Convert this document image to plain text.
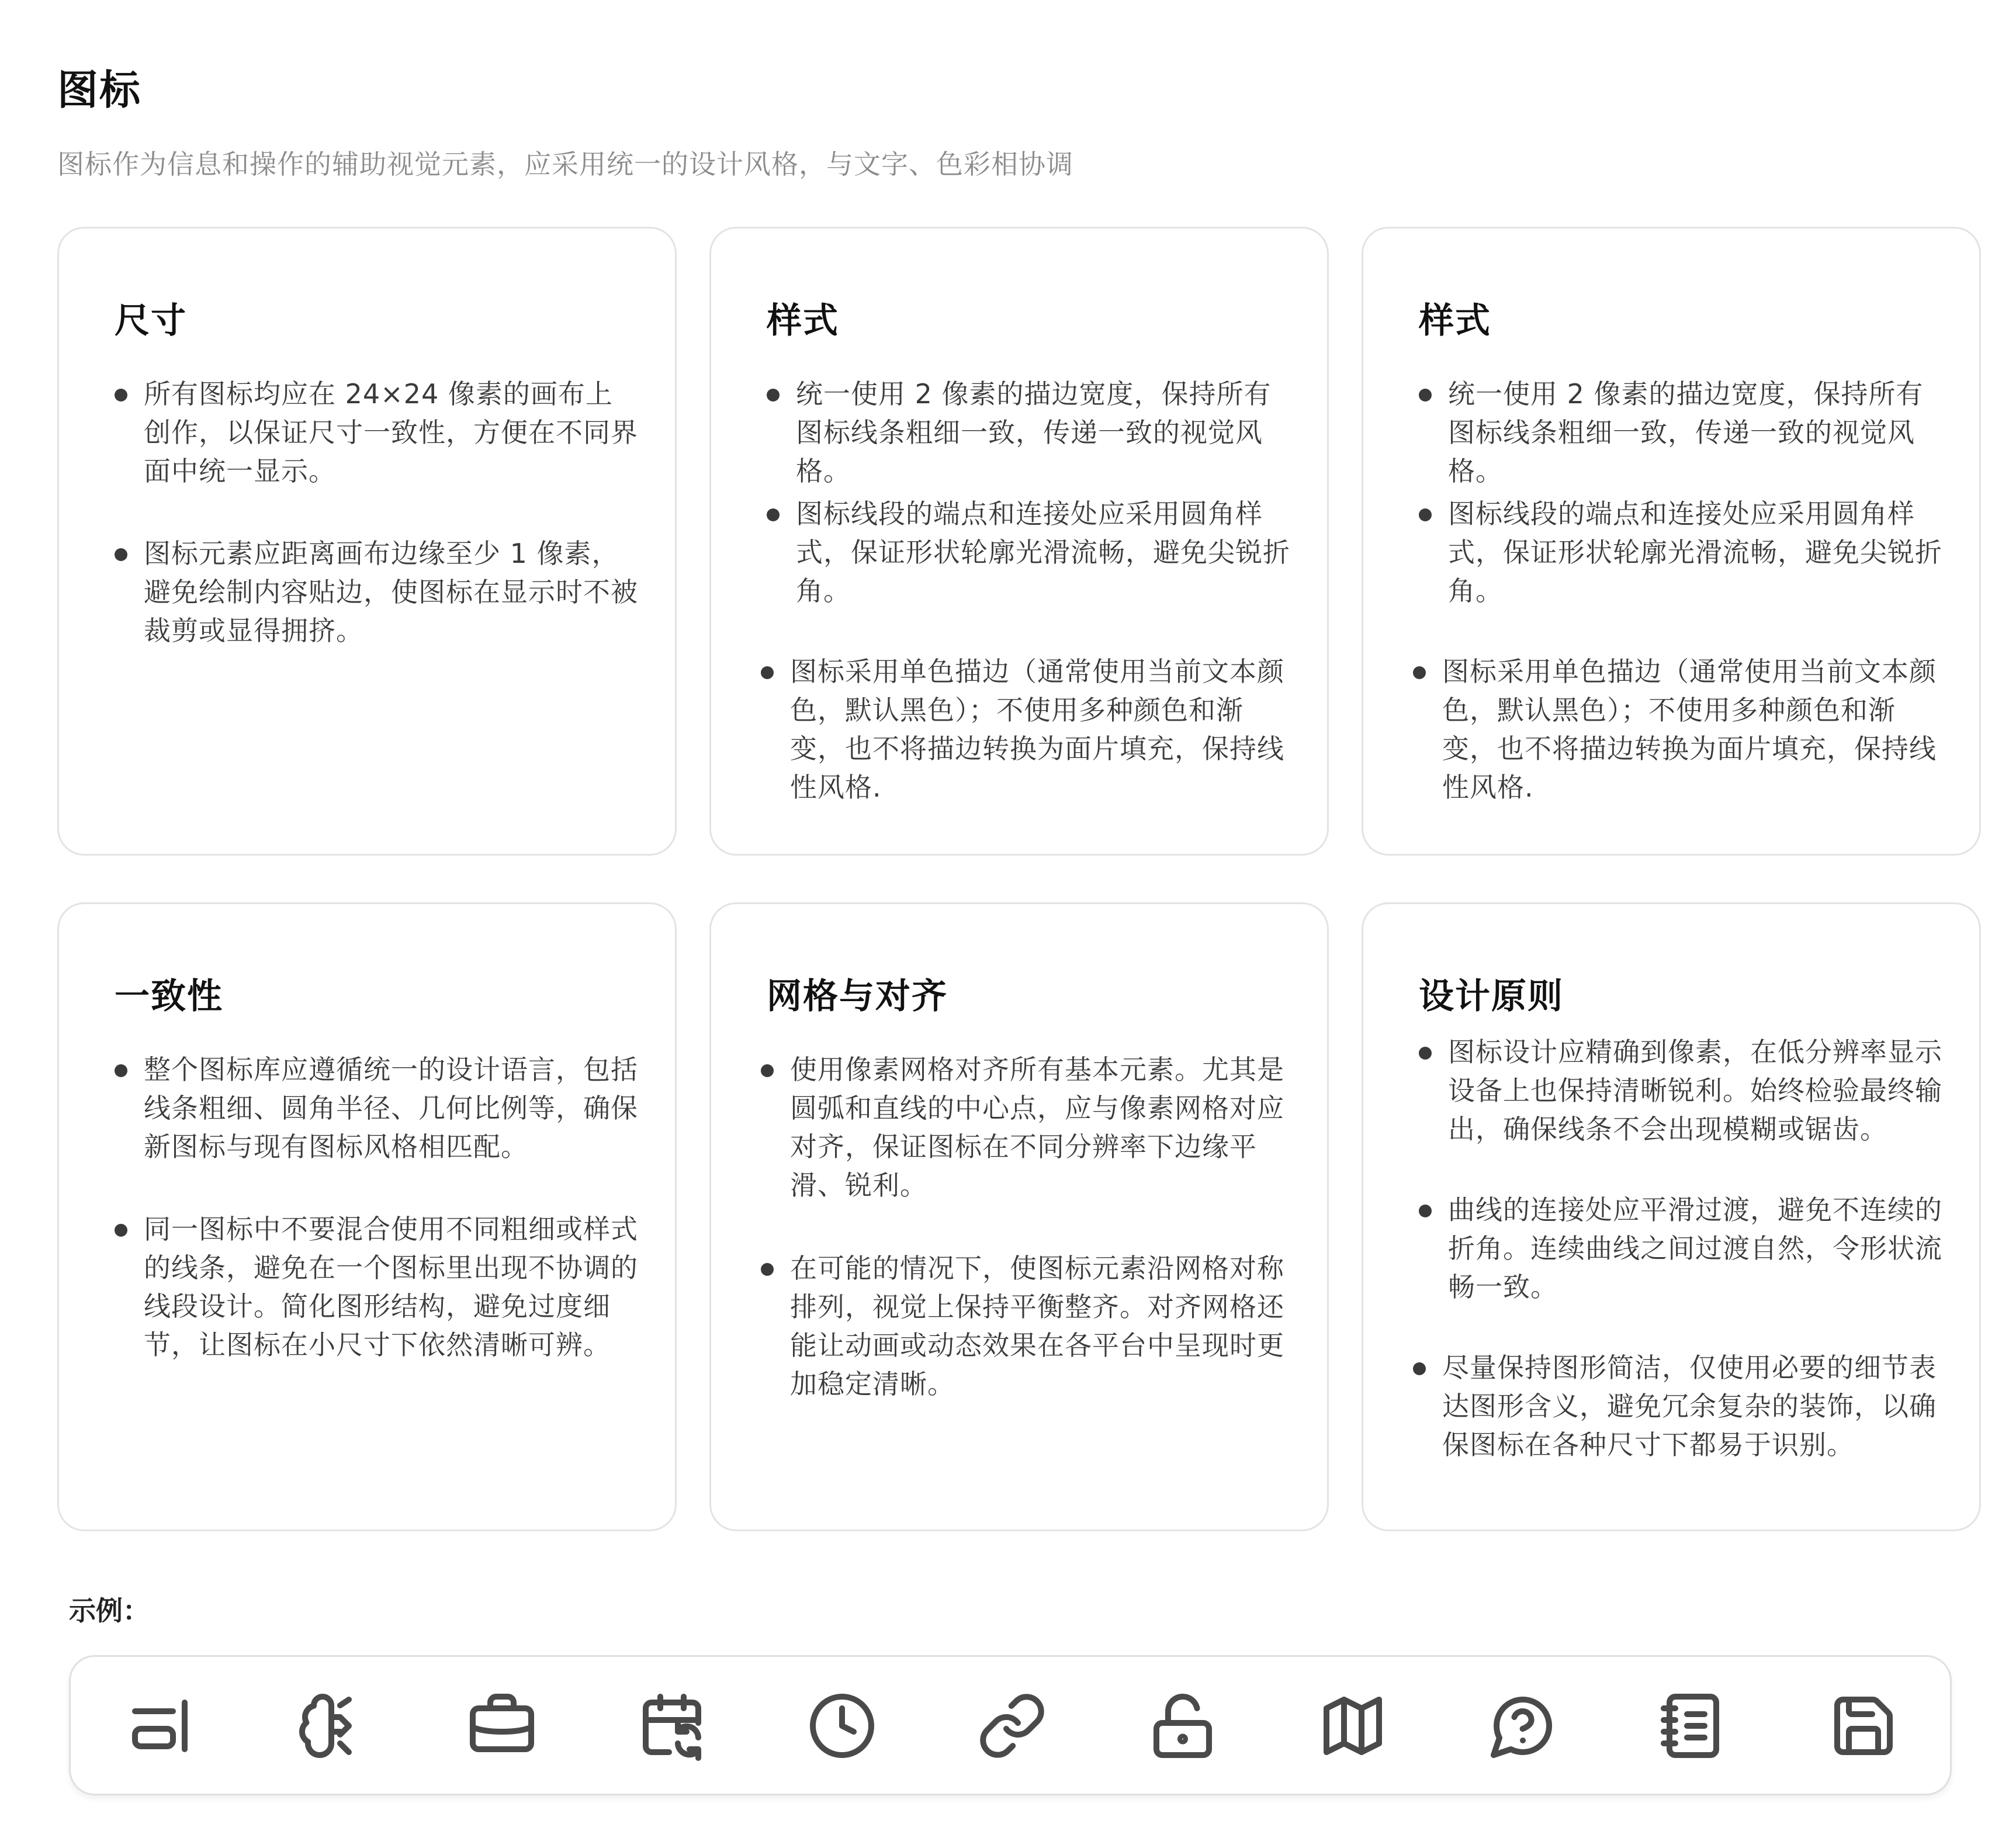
图标
图标作为信息和操作的辅助视觉元素，应采用统一的设计风格，与文字、色彩相协调
尺寸
所有图标均应在 24×24 像素的画布上创作，以保证尺寸一致性，方便在不同界面中统一显示。
图标元素应距离画布边缘至少 1 像素，避免绘制内容贴边，使图标在显示时不被裁剪或显得拥挤。
样式
统一使用 2 像素的描边宽度，保持所有图标线条粗细一致，传递一致的视觉风格。
图标线段的端点和连接处应采用圆角样式，保证形状轮廓光滑流畅，避免尖锐折角。
图标采用单色描边（通常使用当前文本颜色，默认黑色）；不使用多种颜色和渐变，也不将描边转换为面片填充，保持线性风格.
样式
统一使用 2 像素的描边宽度，保持所有图标线条粗细一致，传递一致的视觉风格。
图标线段的端点和连接处应采用圆角样式，保证形状轮廓光滑流畅，避免尖锐折角。
图标采用单色描边（通常使用当前文本颜色，默认黑色）；不使用多种颜色和渐变，也不将描边转换为面片填充，保持线性风格.
一致性
整个图标库应遵循统一的设计语言，包括线条粗细、圆角半径、几何比例等，确保新图标与现有图标风格相匹配。
同一图标中不要混合使用不同粗细或样式的线条，避免在一个图标里出现不协调的线段设计。简化图形结构，避免过度细节，让图标在小尺寸下依然清晰可辨。
网格与对齐
使用像素网格对齐所有基本元素。尤其是圆弧和直线的中心点，应与像素网格对应对齐，保证图标在不同分辨率下边缘平滑、锐利。
在可能的情况下，使图标元素沿网格对称排列，视觉上保持平衡整齐。对齐网格还能让动画或动态效果在各平台中呈现时更加稳定清晰。
设计原则
图标设计应精确到像素，在低分辨率显示设备上也保持清晰锐利。始终检验最终输出，确保线条不会出现模糊或锯齿。
曲线的连接处应平滑过渡，避免不连续的折角。连续曲线之间过渡自然，令形状流畅一致。
尽量保持图形简洁，仅使用必要的细节表达图形含义，避免冗余复杂的装饰，以确保图标在各种尺寸下都易于识别。
示例：
